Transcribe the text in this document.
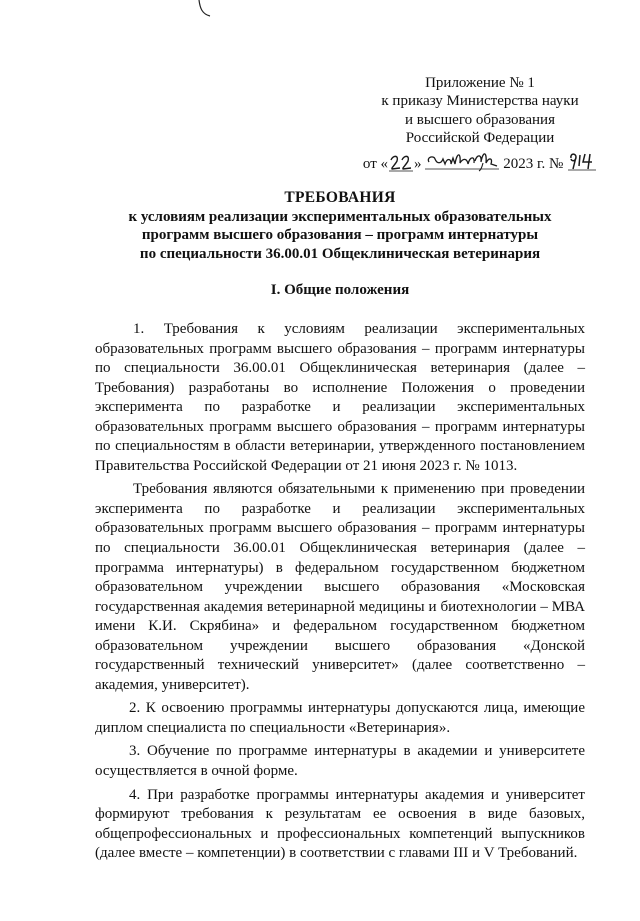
Приложение № 1
к приказу Министерства науки
и высшего образования
Российской Федерации
от « »	2023 г. №
ТРЕБОВАНИЯ
к условиям реализации экспериментальных образовательных
программ высшего образования – программ интернатуры
по специальности 36.00.01 Общеклиническая ветеринария
I. Общие положения

1. Требования к условиям реализации экспериментальных образовательных программ высшего образования – программ интернатуры по специальности 36.00.01 Общеклиническая ветеринария (далее – Требования) разработаны во исполнение Положения о проведении эксперимента по разработке и реализации экспериментальных образовательных программ высшего образования – программ интернатуры по специальностям в области ветеринарии, утвержденного постановлением Правительства Российской Федерации от 21 июня 2023 г. № 1013.

Требования являются обязательными к применению при проведении эксперимента по разработке и реализации экспериментальных образовательных программ высшего образования – программ интернатуры по специальности 36.00.01 Общеклиническая ветеринария (далее – программа интернатуры) в федеральном государственном бюджетном образовательном учреждении высшего образования «Московская государственная академия ветеринарной медицины и биотехнологии – МВА имени К.И. Скрябина» и федеральном государственном бюджетном образовательном учреждении высшего образования «Донской государственный технический университет» (далее соответственно – академия, университет).

2. К освоению программы интернатуры допускаются лица, имеющие диплом специалиста по специальности «Ветеринария».

3. Обучение по программе интернатуры в академии и университете осуществляется в очной форме.

4. При разработке программы интернатуры академия и университет формируют требования к результатам ее освоения в виде базовых, общепрофессиональных и профессиональных компетенций выпускников (далее вместе – компетенции) в соответствии с главами III и V Требований.
